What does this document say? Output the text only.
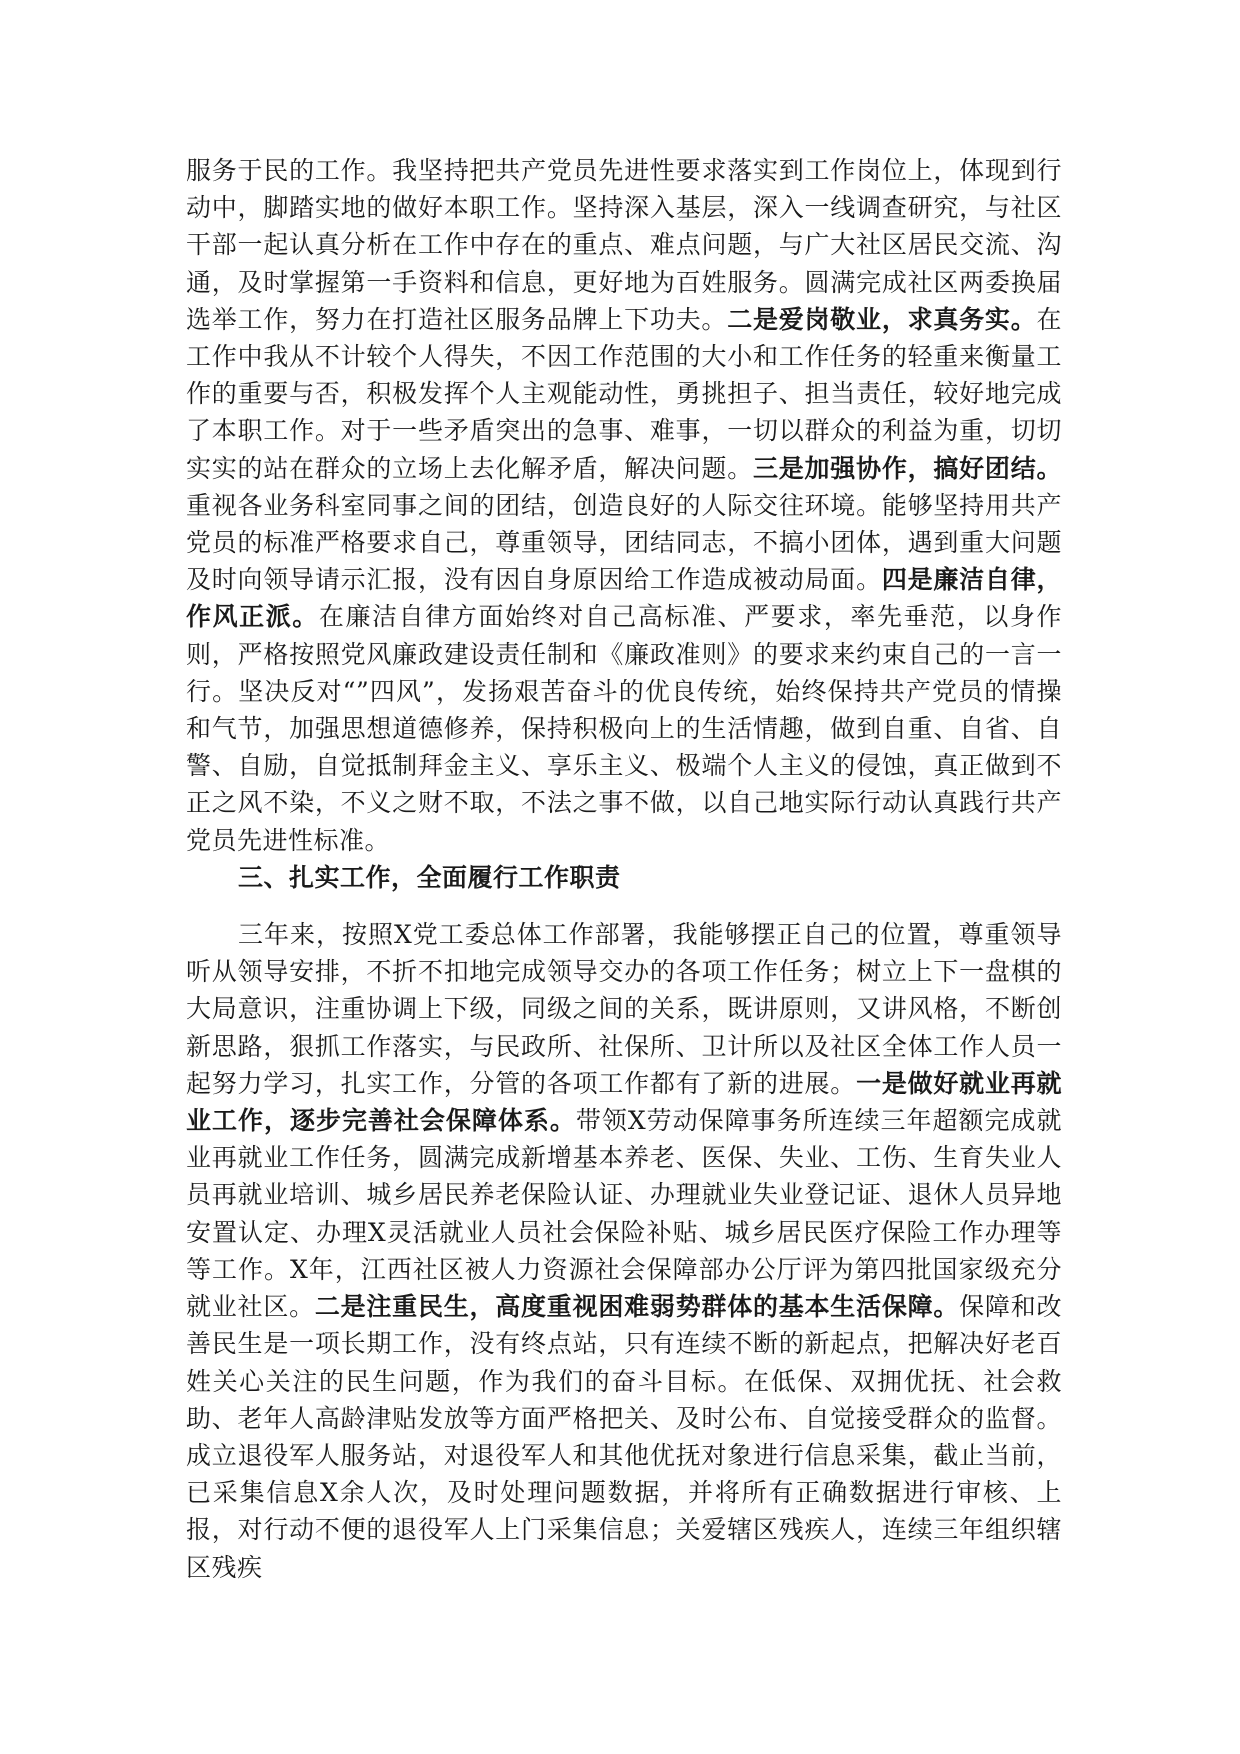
服务于民的工作。我坚持把共产党员先进性要求落实到工作岗位上，体现到行动中，脚踏实地的做好本职工作。坚持深入基层，深入一线调查研究，与社区干部一起认真分析在工作中存在的重点、难点问题，与广大社区居民交流、沟通，及时掌握第一手资料和信息，更好地为百姓服务。圆满完成社区两委换届选举工作，努力在打造社区服务品牌上下功夫。二是爱岗敬业，求真务实。在工作中我从不计较个人得失，不因工作范围的大小和工作任务的轻重来衡量工作的重要与否，积极发挥个人主观能动性，勇挑担子、担当责任，较好地完成了本职工作。对于一些矛盾突出的急事、难事，一切以群众的利益为重，切切实实的站在群众的立场上去化解矛盾，解决问题。三是加强协作，搞好团结。重视各业务科室同事之间的团结，创造良好的人际交往环境。能够坚持用共产党员的标准严格要求自己，尊重领导，团结同志，不搞小团体，遇到重大问题及时向领导请示汇报，没有因自身原因给工作造成被动局面。四是廉洁自律，作风正派。在廉洁自律方面始终对自己高标准、严要求，率先垂范，以身作则，严格按照党风廉政建设责任制和《廉政准则》的要求来约束自己的一言一行。坚决反对“”四风”，发扬艰苦奋斗的优良传统，始终保持共产党员的情操和气节，加强思想道德修养，保持积极向上的生活情趣，做到自重、自省、自警、自励，自觉抵制拜金主义、享乐主义、极端个人主义的侵蚀，真正做到不正之风不染，不义之财不取，不法之事不做，以自己地实际行动认真践行共产党员先进性标准。

三、扎实工作，全面履行工作职责

三年来，按照X党工委总体工作部署，我能够摆正自己的位置，尊重领导听从领导安排，不折不扣地完成领导交办的各项工作任务；树立上下一盘棋的大局意识，注重协调上下级，同级之间的关系，既讲原则，又讲风格，不断创新思路，狠抓工作落实，与民政所、社保所、卫计所以及社区全体工作人员一起努力学习，扎实工作，分管的各项工作都有了新的进展。一是做好就业再就业工作，逐步完善社会保障体系。带领X劳动保障事务所连续三年超额完成就业再就业工作任务，圆满完成新增基本养老、医保、失业、工伤、生育失业人员再就业培训、城乡居民养老保险认证、办理就业失业登记证、退休人员异地安置认定、办理X灵活就业人员社会保险补贴、城乡居民医疗保险工作办理等等工作。X年，江西社区被人力资源社会保障部办公厅评为第四批国家级充分就业社区。二是注重民生，高度重视困难弱势群体的基本生活保障。保障和改善民生是一项长期工作，没有终点站，只有连续不断的新起点，把解决好老百姓关心关注的民生问题，作为我们的奋斗目标。在低保、双拥优抚、社会救助、老年人高龄津贴发放等方面严格把关、及时公布、自觉接受群众的监督。成立退役军人服务站，对退役军人和其他优抚对象进行信息采集，截止当前，已采集信息X余人次，及时处理问题数据，并将所有正确数据进行审核、上报，对行动不便的退役军人上门采集信息；关爱辖区残疾人，连续三年组织辖区残疾
